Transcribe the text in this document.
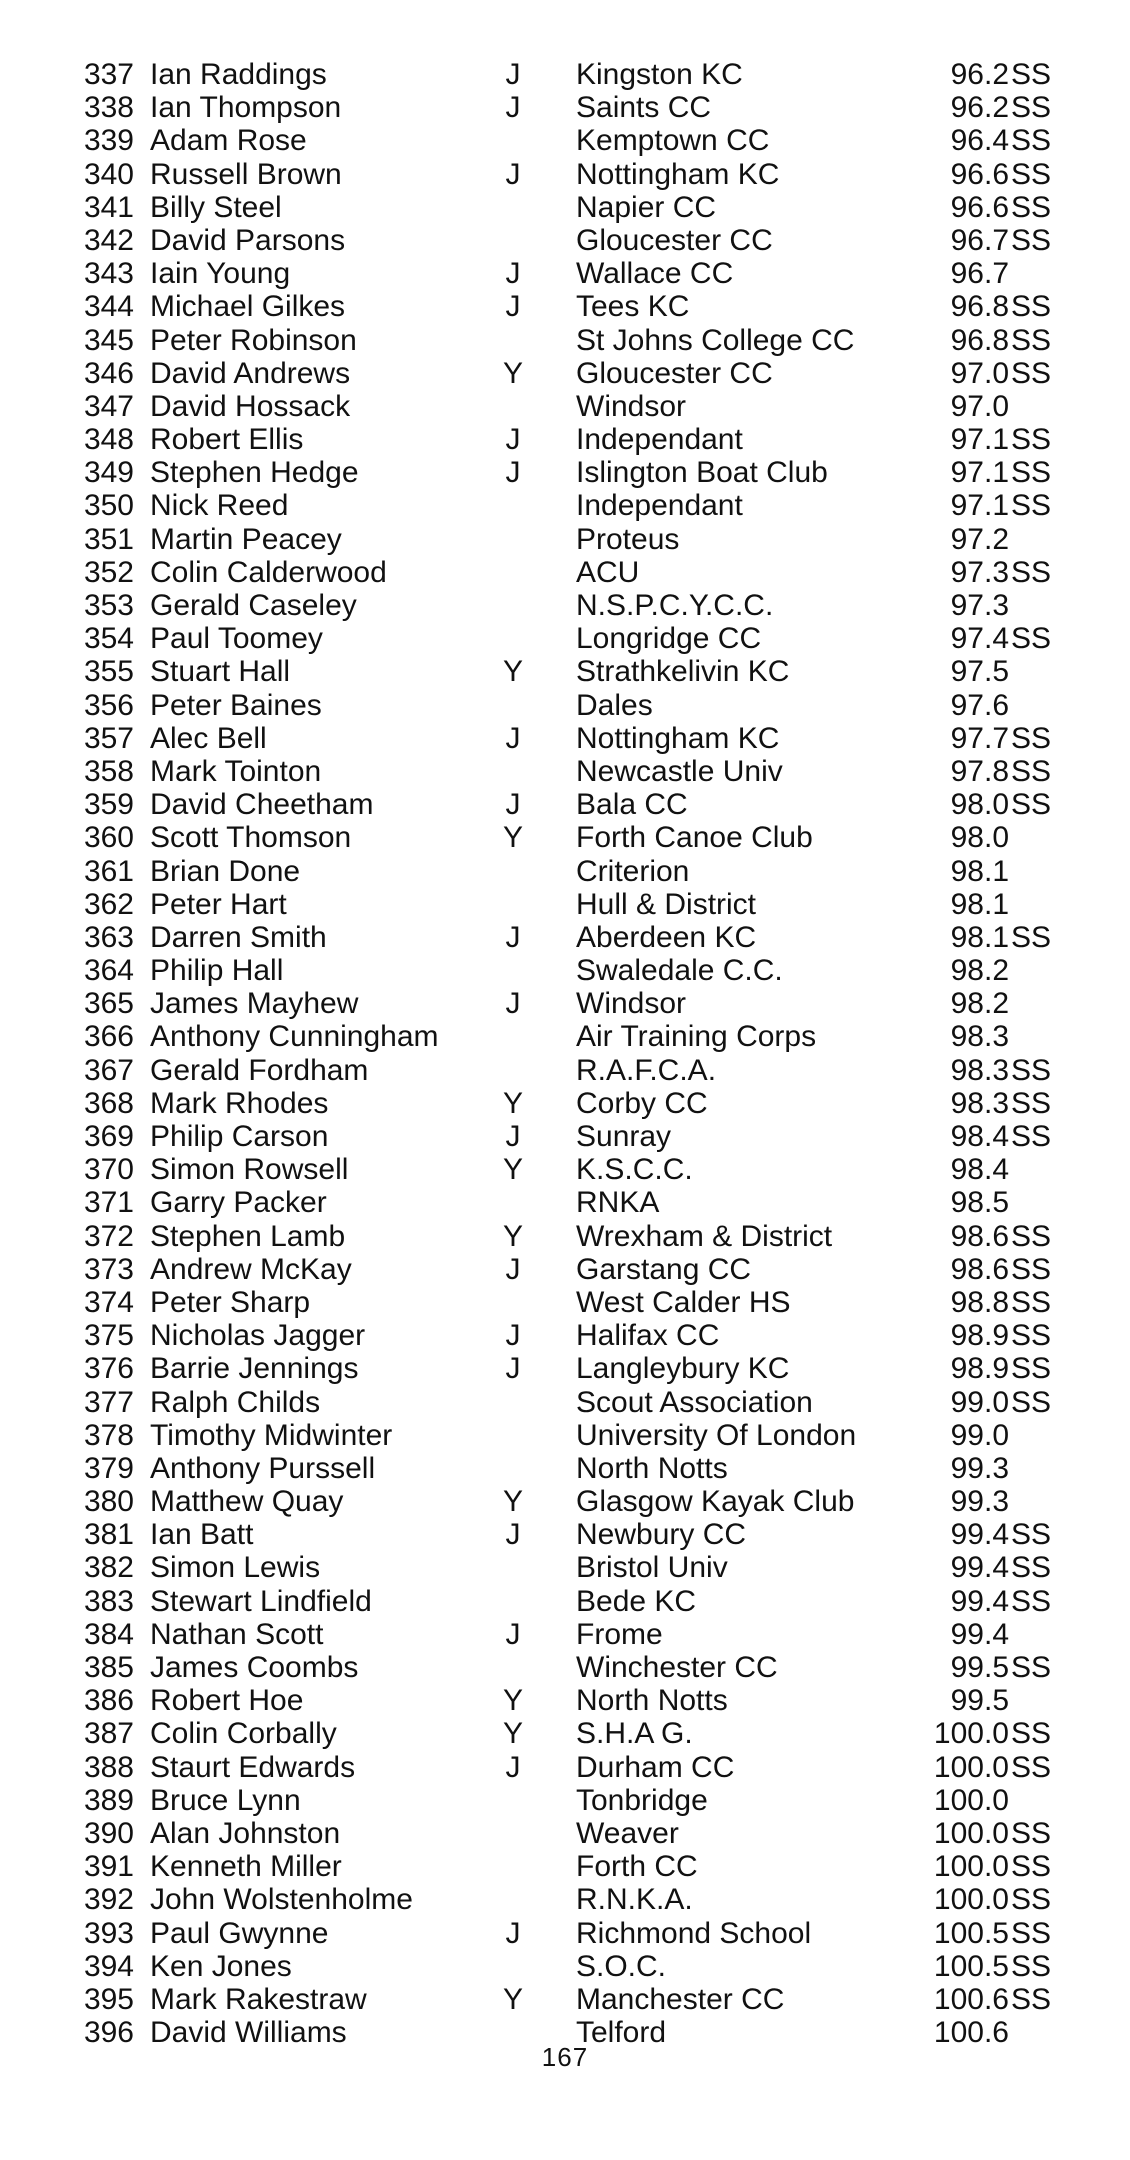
337 Ian Raddings	J Kingston KC	96.2 SS
338 Ian Thompson	J Saints CC	96.2 SS
339 Adam Rose	Kemptown CC	96.4 SS
340 Russell Brown	J Nottingham KC	96.6 SS
341 Billy Steel	Napier CC	96.6 SS
342 David Parsons	Gloucester CC	96.7 SS
343 Iain Young	J Wallace CC	96.7
344 Michael Gilkes	J Tees KC	96.8 SS
345 Peter Robinson	St Johns College CC	96.8 SS
346 David Andrews	Y Gloucester CC	97.0 SS
347 David Hossack	Windsor	97.0
348 Robert Ellis	J Independant	97.1 SS
349 Stephen Hedge	J Islington Boat Club	97.1 SS
350 Nick Reed	Independant	97.1 SS
351 Martin Peacey	Proteus	97.2
352 Colin Calderwood	ACU	97.3 SS
353 Gerald Caseley	N.S.P.C.Y.C.C.	97.3
354 Paul Toomey	Longridge CC	97.4 SS
355 Stuart Hall	Y Strathkelivin KC	97.5
356 Peter Baines	Dales	97.6
357 Alec Bell	J Nottingham KC	97.7 SS
358 Mark Tointon	Newcastle Univ	97.8 SS
359 David Cheetham	J Bala CC	98.0 SS
360 Scott Thomson	Y Forth Canoe Club	98.0
361 Brian Done	Criterion	98.1
362 Peter Hart	Hull & District	98.1
363 Darren Smith	J Aberdeen KC	98.1 SS
364 Philip Hall	Swaledale C.C.	98.2
365 James Mayhew	J Windsor	98.2
366 Anthony Cunningham	Air Training Corps	98.3
367 Gerald Fordham	R.A.F.C.A.	98.3 SS
368 Mark Rhodes	Y Corby CC	98.3 SS
369 Philip Carson	J Sunray	98.4 SS
370 Simon Rowsell	Y K.S.C.C.	98.4
371 Garry Packer	RNKA	98.5
372 Stephen Lamb	Y Wrexham & District	98.6 SS
373 Andrew McKay	J Garstang CC	98.6 SS
374 Peter Sharp	West Calder HS	98.8 SS
375 Nicholas Jagger	J Halifax CC	98.9 SS
376 Barrie Jennings	J Langleybury KC	98.9 SS
377 Ralph Childs	Scout Association	99.0 SS
378 Timothy Midwinter	University Of London	99.0
379 Anthony Purssell	North Notts	99.3
380 Matthew Quay	Y Glasgow Kayak Club	99.3
381 Ian Batt	J Newbury CC	99.4 SS
382 Simon Lewis	Bristol Univ	99.4 SS
383 Stewart Lindfield	Bede KC	99.4 SS
384 Nathan Scott	J Frome	99.4
385 James Coombs	Winchester CC	99.5 SS
386 Robert Hoe	Y North Notts	99.5
387 Colin Corbally	Y S.H.A G.	100.0 SS
388 Staurt Edwards	J Durham CC	100.0 SS
389 Bruce Lynn	Tonbridge	100.0
390 Alan Johnston	Weaver	100.0 SS
391 Kenneth Miller	Forth CC	100.0 SS
392 John Wolstenholme	R.N.K.A.	100.0 SS
393 Paul Gwynne	J Richmond School	100.5 SS
394 Ken Jones	S.O.C.	100.5 SS
395 Mark Rakestraw	Y Manchester CC	100.6 SS
396 David Williams	Telford	100.6
167
